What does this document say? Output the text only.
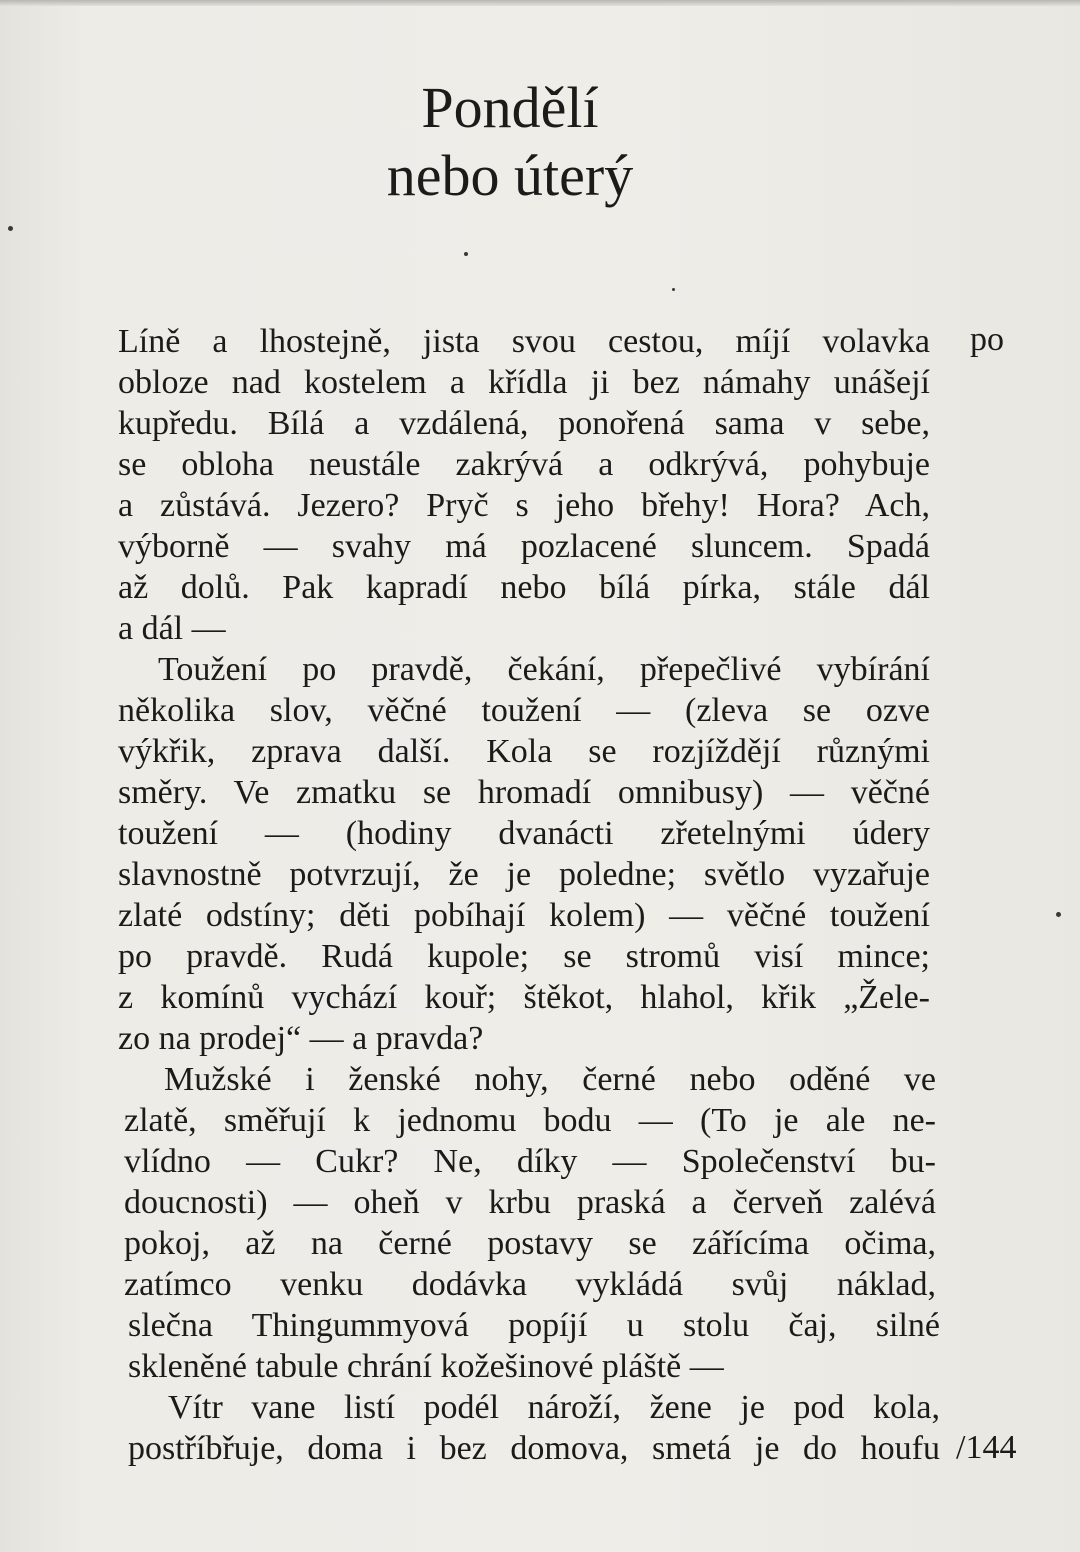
Pondělí
nebo úterý
Líně a lhostejně, jista svou cestou, míjí volavka
obloze nad kostelem a křídla ji bez námahy unášejí
kupředu. Bílá a vzdálená, ponořená sama v sebe,
se obloha neustále zakrývá a odkrývá, pohybuje
a zůstává. Jezero? Pryč s jeho břehy! Hora? Ach,
výborně — svahy má pozlacené sluncem. Spadá
až dolů. Pak kapradí nebo bílá pírka, stále dál
a dál —
Toužení po pravdě, čekání, přepečlivé vybírání
několika slov, věčné toužení — (zleva se ozve
výkřik, zprava další. Kola se rozjíždějí různými
směry. Ve zmatku se hromadí omnibusy) — věčné
toužení — (hodiny dvanácti zřetelnými údery
slavnostně potvrzují, že je poledne; světlo vyzařuje
zlaté odstíny; děti pobíhají kolem) — věčné toužení
po pravdě. Rudá kupole; se stromů visí mince;
z komínů vychází kouř; štěkot, hlahol, křik „Žele-
zo na prodej“ — a pravda?
Mužské i ženské nohy, černé nebo oděné ve
zlatě, směřují k jednomu bodu — (To je ale ne-
vlídno — Cukr? Ne, díky — Společenství bu-
doucnosti) — oheň v krbu praská a červeň zalévá
pokoj, až na černé postavy se zářícíma očima,
zatímco venku dodávka vykládá svůj náklad,
slečna Thingummyová popíjí u stolu čaj, silné
skleněné tabule chrání kožešinové pláště —
Vítr vane listí podél nároží, žene je pod kola,
postříbřuje, doma i bez domova, smetá je do houfu
po
/144
